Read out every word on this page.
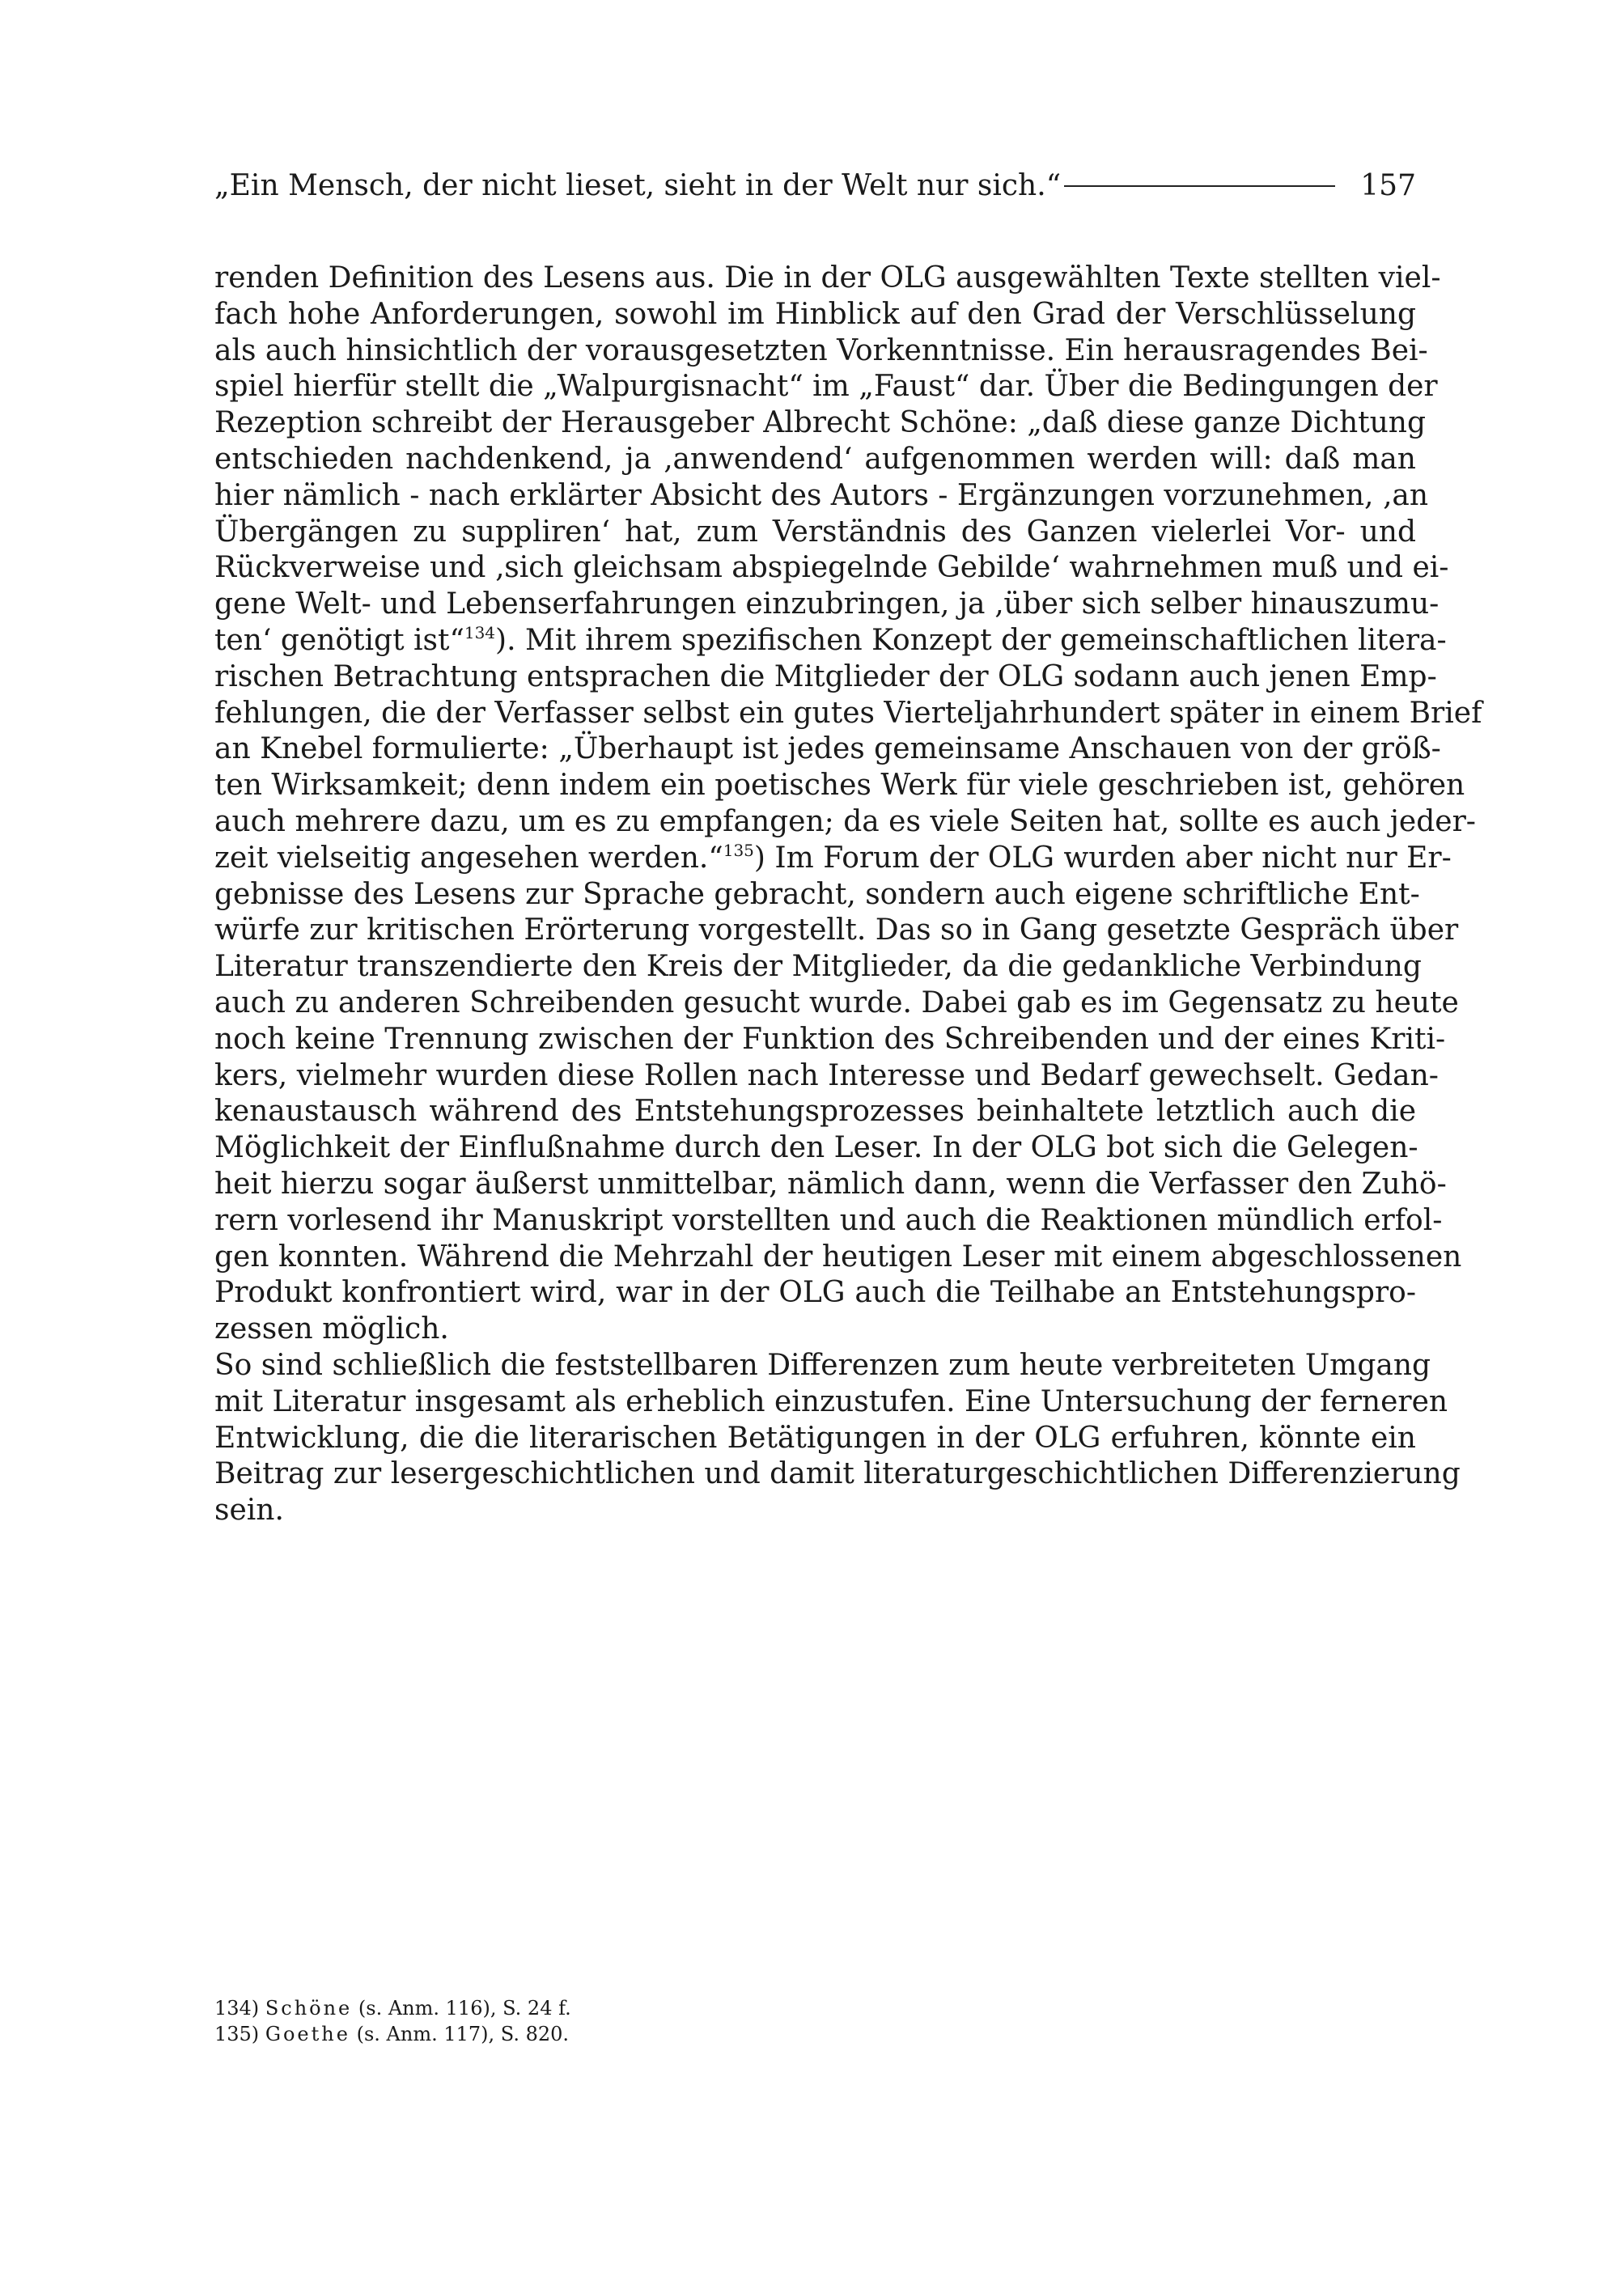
„Ein Mensch, der nicht lieset, sieht in der Welt nur sich.“	157
renden Definition des Lesens aus. Die in der OLG ausgewählten Texte stellten viel-
fach hohe Anforderungen, sowohl im Hinblick auf den Grad der Verschlüsselung
als auch hinsichtlich der vorausgesetzten Vorkenntnisse. Ein herausragendes Bei-
spiel hierfür stellt die „Walpurgisnacht“ im „Faust“ dar. Über die Bedingungen der
Rezeption schreibt der Herausgeber Albrecht Schöne: „daß diese ganze Dichtung
entschieden nachdenkend, ja ‚anwendend‘ aufgenommen werden will: daß man
hier nämlich - nach erklärter Absicht des Autors - Ergänzungen vorzunehmen, ‚an
Übergängen zu suppliren‘ hat, zum Verständnis des Ganzen vielerlei Vor- und
Rückverweise und ‚sich gleichsam abspiegelnde Gebilde‘ wahrnehmen muß und ei-
gene Welt- und Lebenserfahrungen einzubringen, ja ‚über sich selber hinauszumu-
ten‘ genötigt ist“$^{134}$). Mit ihrem spezifischen Konzept der gemeinschaftlichen litera-
rischen Betrachtung entsprachen die Mitglieder der OLG sodann auch jenen Emp-
fehlungen, die der Verfasser selbst ein gutes Vierteljahrhundert später in einem Brief
an Knebel formulierte: „Überhaupt ist jedes gemeinsame Anschauen von der größ-
ten Wirksamkeit; denn indem ein poetisches Werk für viele geschrieben ist, gehören
auch mehrere dazu, um es zu empfangen; da es viele Seiten hat, sollte es auch jeder-
zeit vielseitig angesehen werden.“$^{135}$) Im Forum der OLG wurden aber nicht nur Er-
gebnisse des Lesens zur Sprache gebracht, sondern auch eigene schriftliche Ent-
würfe zur kritischen Erörterung vorgestellt. Das so in Gang gesetzte Gespräch über
Literatur transzendierte den Kreis der Mitglieder, da die gedankliche Verbindung
auch zu anderen Schreibenden gesucht wurde. Dabei gab es im Gegensatz zu heute
noch keine Trennung zwischen der Funktion des Schreibenden und der eines Kriti-
kers, vielmehr wurden diese Rollen nach Interesse und Bedarf gewechselt. Gedan-
kenaustausch während des Entstehungsprozesses beinhaltete letztlich auch die
Möglichkeit der Einflußnahme durch den Leser. In der OLG bot sich die Gelegen-
heit hierzu sogar äußerst unmittelbar, nämlich dann, wenn die Verfasser den Zuhö-
rern vorlesend ihr Manuskript vorstellten und auch die Reaktionen mündlich erfol-
gen konnten. Während die Mehrzahl der heutigen Leser mit einem abgeschlossenen
Produkt konfrontiert wird, war in der OLG auch die Teilhabe an Entstehungspro-
zessen möglich.
So sind schließlich die feststellbaren Differenzen zum heute verbreiteten Umgang
mit Literatur insgesamt als erheblich einzustufen. Eine Untersuchung der ferneren
Entwicklung, die die literarischen Betätigungen in der OLG erfuhren, könnte ein
Beitrag zur lesergeschichtlichen und damit literaturgeschichtlichen Differenzierung
sein.
134) Schöne (s. Anm. 116), S. 24 f.
135) Goethe (s. Anm. 117), S. 820.
